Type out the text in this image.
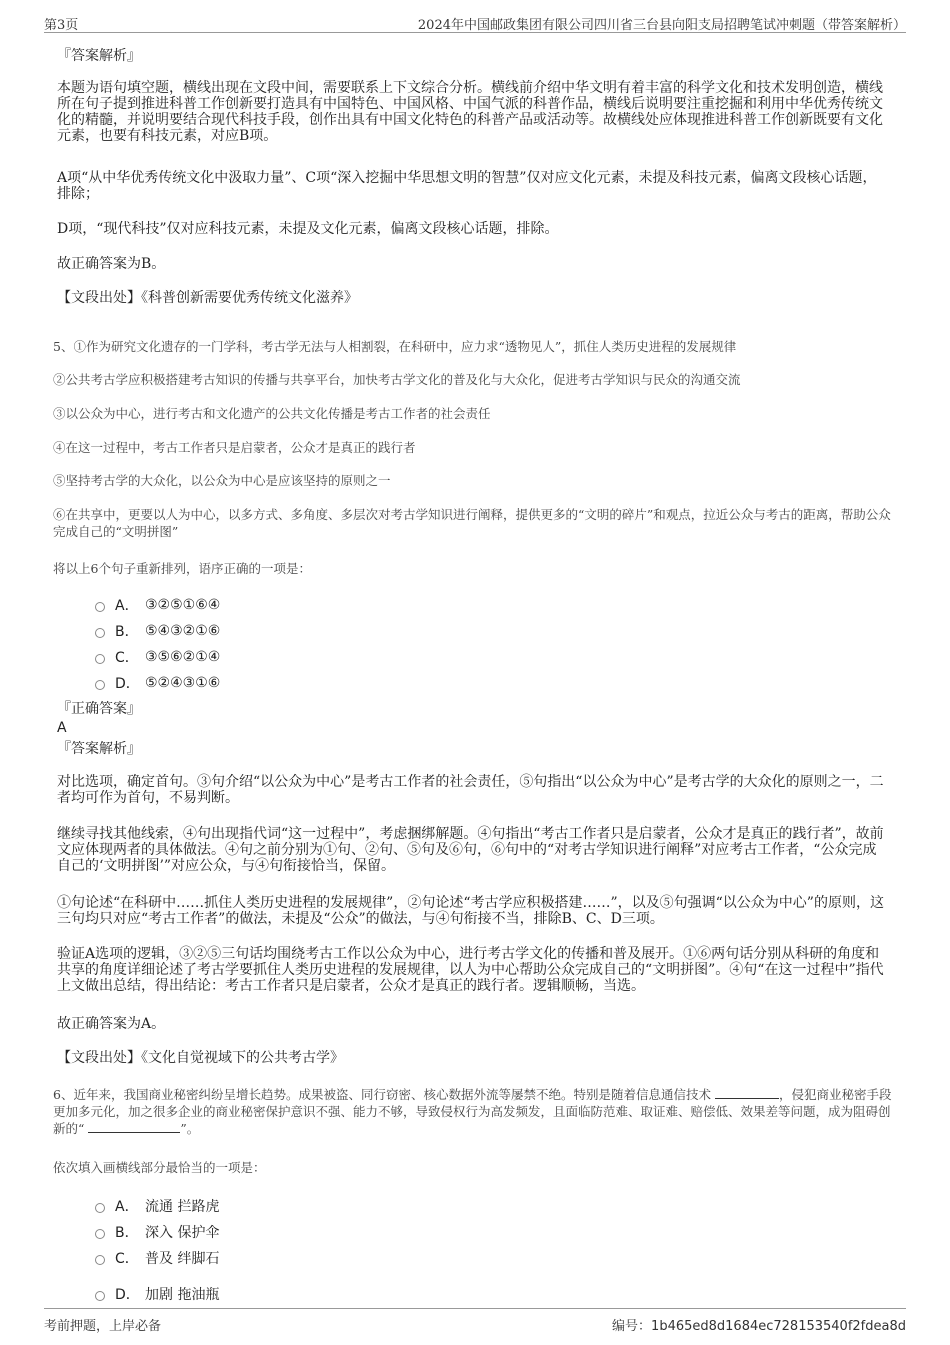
第3页	2024年中国邮政集团有限公司四川省三台县向阳支局招聘笔试冲刺题（带答案解析）
『答案解析』
本题为语句填空题，横线出现在文段中间，需要联系上下文综合分析。横线前介绍中华文明有着丰富的科学文化和技术发明创造，横线所在句子提到推进科普工作创新要打造具有中国特色、中国风格、中国气派的科普作品，横线后说明要注重挖掘和利用中华优秀传统文化的精髓，并说明要结合现代科技手段，创作出具有中国文化特色的科普产品或活动等。故横线处应体现推进科普工作创新既要有文化元素，也要有科技元素，对应B项。
A项“从中华优秀传统文化中汲取力量”、C项“深入挖掘中华思想文明的智慧”仅对应文化元素，未提及科技元素，偏离文段核心话题，排除；
D项，“现代科技”仅对应科技元素，未提及文化元素，偏离文段核心话题，排除。
故正确答案为B。
【文段出处】《科普创新需要优秀传统文化滋养》
5、①作为研究文化遗存的一门学科，考古学无法与人相割裂，在科研中，应力求“透物见人”，抓住人类历史进程的发展规律
②公共考古学应积极搭建考古知识的传播与共享平台，加快考古学文化的普及化与大众化，促进考古学知识与民众的沟通交流
③以公众为中心，进行考古和文化遗产的公共文化传播是考古工作者的社会责任
④在这一过程中，考古工作者只是启蒙者，公众才是真正的践行者
⑤坚持考古学的大众化，以公众为中心是应该坚持的原则之一
⑥在共享中，更要以人为中心，以多方式、多角度、多层次对考古学知识进行阐释，提供更多的“文明的碎片”和观点，拉近公众与考古的距离，帮助公众完成自己的“文明拼图”
将以上6个句子重新排列，语序正确的一项是：
A． ③②⑤①⑥④
B． ⑤④③②①⑥
C． ③⑤⑥②①④
D． ⑤②④③①⑥
『正确答案』
A
『答案解析』
对比选项，确定首句。③句介绍“以公众为中心”是考古工作者的社会责任，⑤句指出“以公众为中心”是考古学的大众化的原则之一，二者均可作为首句，不易判断。
继续寻找其他线索，④句出现指代词“这一过程中”，考虑捆绑解题。④句指出“考古工作者只是启蒙者，公众才是真正的践行者”，故前文应体现两者的具体做法。④句之前分别为①句、②句、⑤句及⑥句，⑥句中的“对考古学知识进行阐释”对应考古工作者，“公众完成自己的‘文明拼图’”对应公众，与④句衔接恰当，保留。
①句论述“在科研中……抓住人类历史进程的发展规律”，②句论述“考古学应积极搭建……”，以及⑤句强调“以公众为中心”的原则，这三句均只对应“考古工作者”的做法，未提及“公众”的做法，与④句衔接不当，排除B、C、D三项。
验证A选项的逻辑，③②⑤三句话均围绕考古工作以公众为中心，进行考古学文化的传播和普及展开。①⑥两句话分别从科研的角度和共享的角度详细论述了考古学要抓住人类历史进程的发展规律，以人为中心帮助公众完成自己的“文明拼图”。④句“在这一过程中”指代上文做出总结，得出结论：考古工作者只是启蒙者，公众才是真正的践行者。逻辑顺畅，当选。
故正确答案为A。
【文段出处】《文化自觉视域下的公共考古学》
6、近年来，我国商业秘密纠纷呈增长趋势。成果被盗、同行窃密、核心数据外流等屡禁不绝。特别是随着信息通信技术	，侵犯商业秘密手段更加多元化，加之很多企业的商业秘密保护意识不强、能力不够，导致侵权行为高发频发，且面临防范难、取证难、赔偿低、效果差等问题，成为阻碍创新的“	”。
依次填入画横线部分最恰当的一项是：
A． 流通 拦路虎
B． 深入 保护伞
C． 普及 绊脚石
D． 加剧 拖油瓶
考前押题，上岸必备	编号：1b465ed8d1684ec728153540f2fdea8d
